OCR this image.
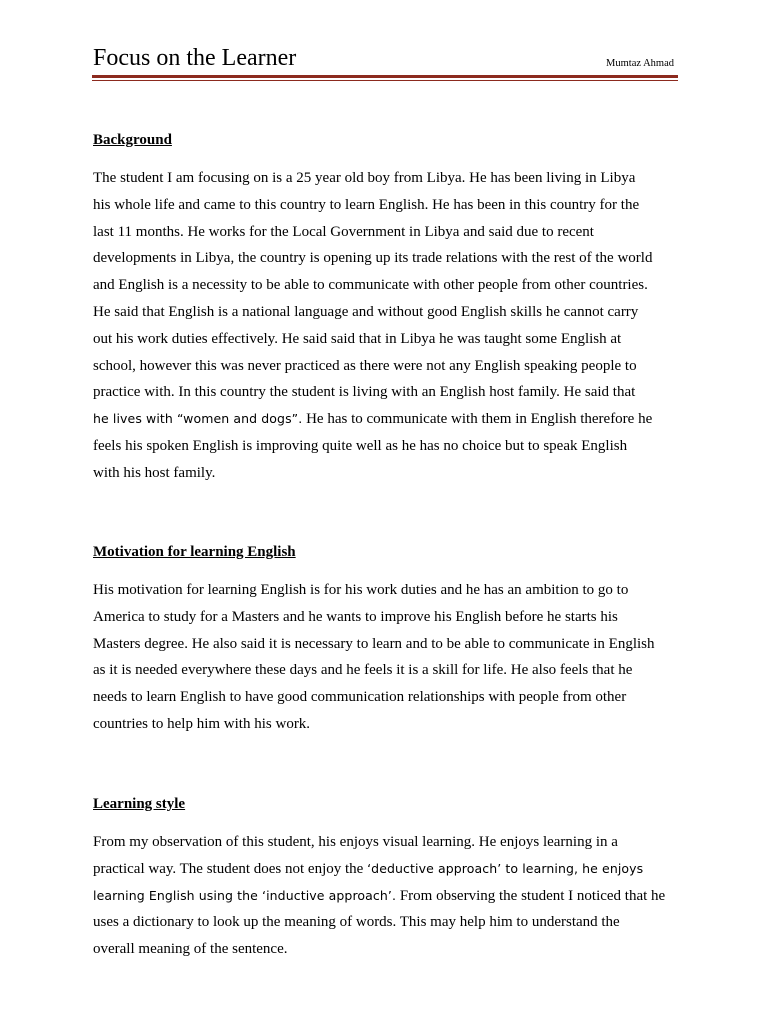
Focus on the Learner	Mumtaz Ahmad
Background
The student I am focusing on is a 25 year old boy from Libya. He has been living in Libya
his whole life and came to this country to learn English. He has been in this country for the
last 11 months. He works for the Local Government in Libya and said due to recent
developments in Libya, the country is opening up its trade relations with the rest of the world
and English is a necessity to be able to communicate with other people from other countries.
He said that English is a national language and without good English skills he cannot carry
out his work duties effectively. He said said that in Libya he was taught some English at
school, however this was never practiced as there were not any English speaking people to
practice with. In this country the student is living with an English host family. He said that
he lives with “women and dogs”. He has to communicate with them in English therefore he
feels his spoken English is improving quite well as he has no choice but to speak English
with his host family.
Motivation for learning English
His motivation for learning English is for his work duties and he has an ambition to go to
America to study for a Masters and he wants to improve his English before he starts his
Masters degree. He also said it is necessary to learn and to be able to communicate in English
as it is needed everywhere these days and he feels it is a skill for life. He also feels that he
needs to learn English to have good communication relationships with people from other
countries to help him with his work.
Learning style
From my observation of this student, his enjoys visual learning. He enjoys learning in a
practical way. The student does not enjoy the ‘deductive approach’ to learning, he enjoys
learning English using the ‘inductive approach’. From observing the student I noticed that he
uses a dictionary to look up the meaning of words. This may help him to understand the
overall meaning of the sentence.
